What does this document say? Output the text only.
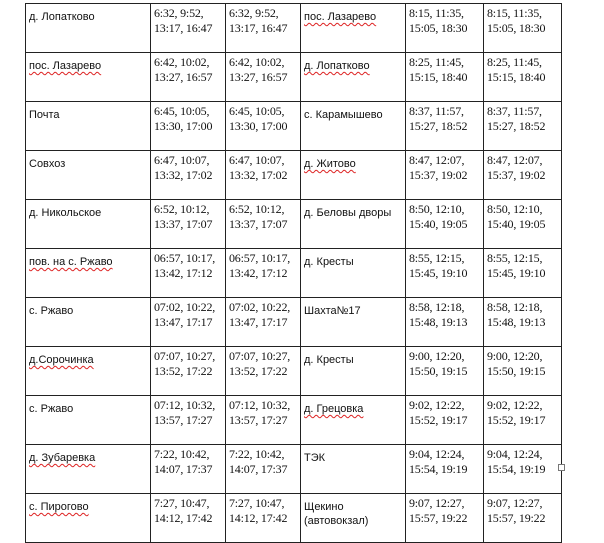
д. Лопатково	6:32, 9:52,
13:17, 16:47	6:32, 9:52,
13:17, 16:47	пос. Лазарево	8:15, 11:35,
15:05, 18:30	8:15, 11:35,
15:05, 18:30

пос. Лазарево	6:42, 10:02,
13:27, 16:57	6:42, 10:02,
13:27, 16:57	д. Лопатково	8:25, 11:45,
15:15, 18:40	8:25, 11:45,
15:15, 18:40

Почта	6:45, 10:05,
13:30, 17:00	6:45, 10:05,
13:30, 17:00	с. Карамышево	8:37, 11:57,
15:27, 18:52	8:37, 11:57,
15:27, 18:52

Совхоз	6:47, 10:07,
13:32, 17:02	6:47, 10:07,
13:32, 17:02	д. Житово	8:47, 12:07,
15:37, 19:02	8:47, 12:07,
15:37, 19:02

д. Никольское	6:52, 10:12,
13:37, 17:07	6:52, 10:12,
13:37, 17:07	д. Беловы дворы	8:50, 12:10,
15:40, 19:05	8:50, 12:10,
15:40, 19:05

пов. на с. Ржаво	06:57, 10:17,
13:42, 17:12	06:57, 10:17,
13:42, 17:12	д. Кресты	8:55, 12:15,
15:45, 19:10	8:55, 12:15,
15:45, 19:10

с. Ржаво	07:02, 10:22,
13:47, 17:17	07:02, 10:22,
13:47, 17:17	Шахта№17	8:58, 12:18,
15:48, 19:13	8:58, 12:18,
15:48, 19:13

д.Сорочинка	07:07, 10:27,
13:52, 17:22	07:07, 10:27,
13:52, 17:22	д. Кресты	9:00, 12:20,
15:50, 19:15	9:00, 12:20,
15:50, 19:15

с. Ржаво	07:12, 10:32,
13:57, 17:27	07:12, 10:32,
13:57, 17:27	д. Грецовка	9:02, 12:22,
15:52, 19:17	9:02, 12:22,
15:52, 19:17

д. Зубаревка	7:22, 10:42,
14:07, 17:37	7:22, 10:42,
14:07, 17:37	ТЭК	9:04, 12:24,
15:54, 19:19	9:04, 12:24,
15:54, 19:19

с. Пирогово	7:27, 10:47,
14:12, 17:42	7:27, 10:47,
14:12, 17:42	Щекино (автовокзал)	9:07, 12:27,
15:57, 19:22	9:07, 12:27,
15:57, 19:22
